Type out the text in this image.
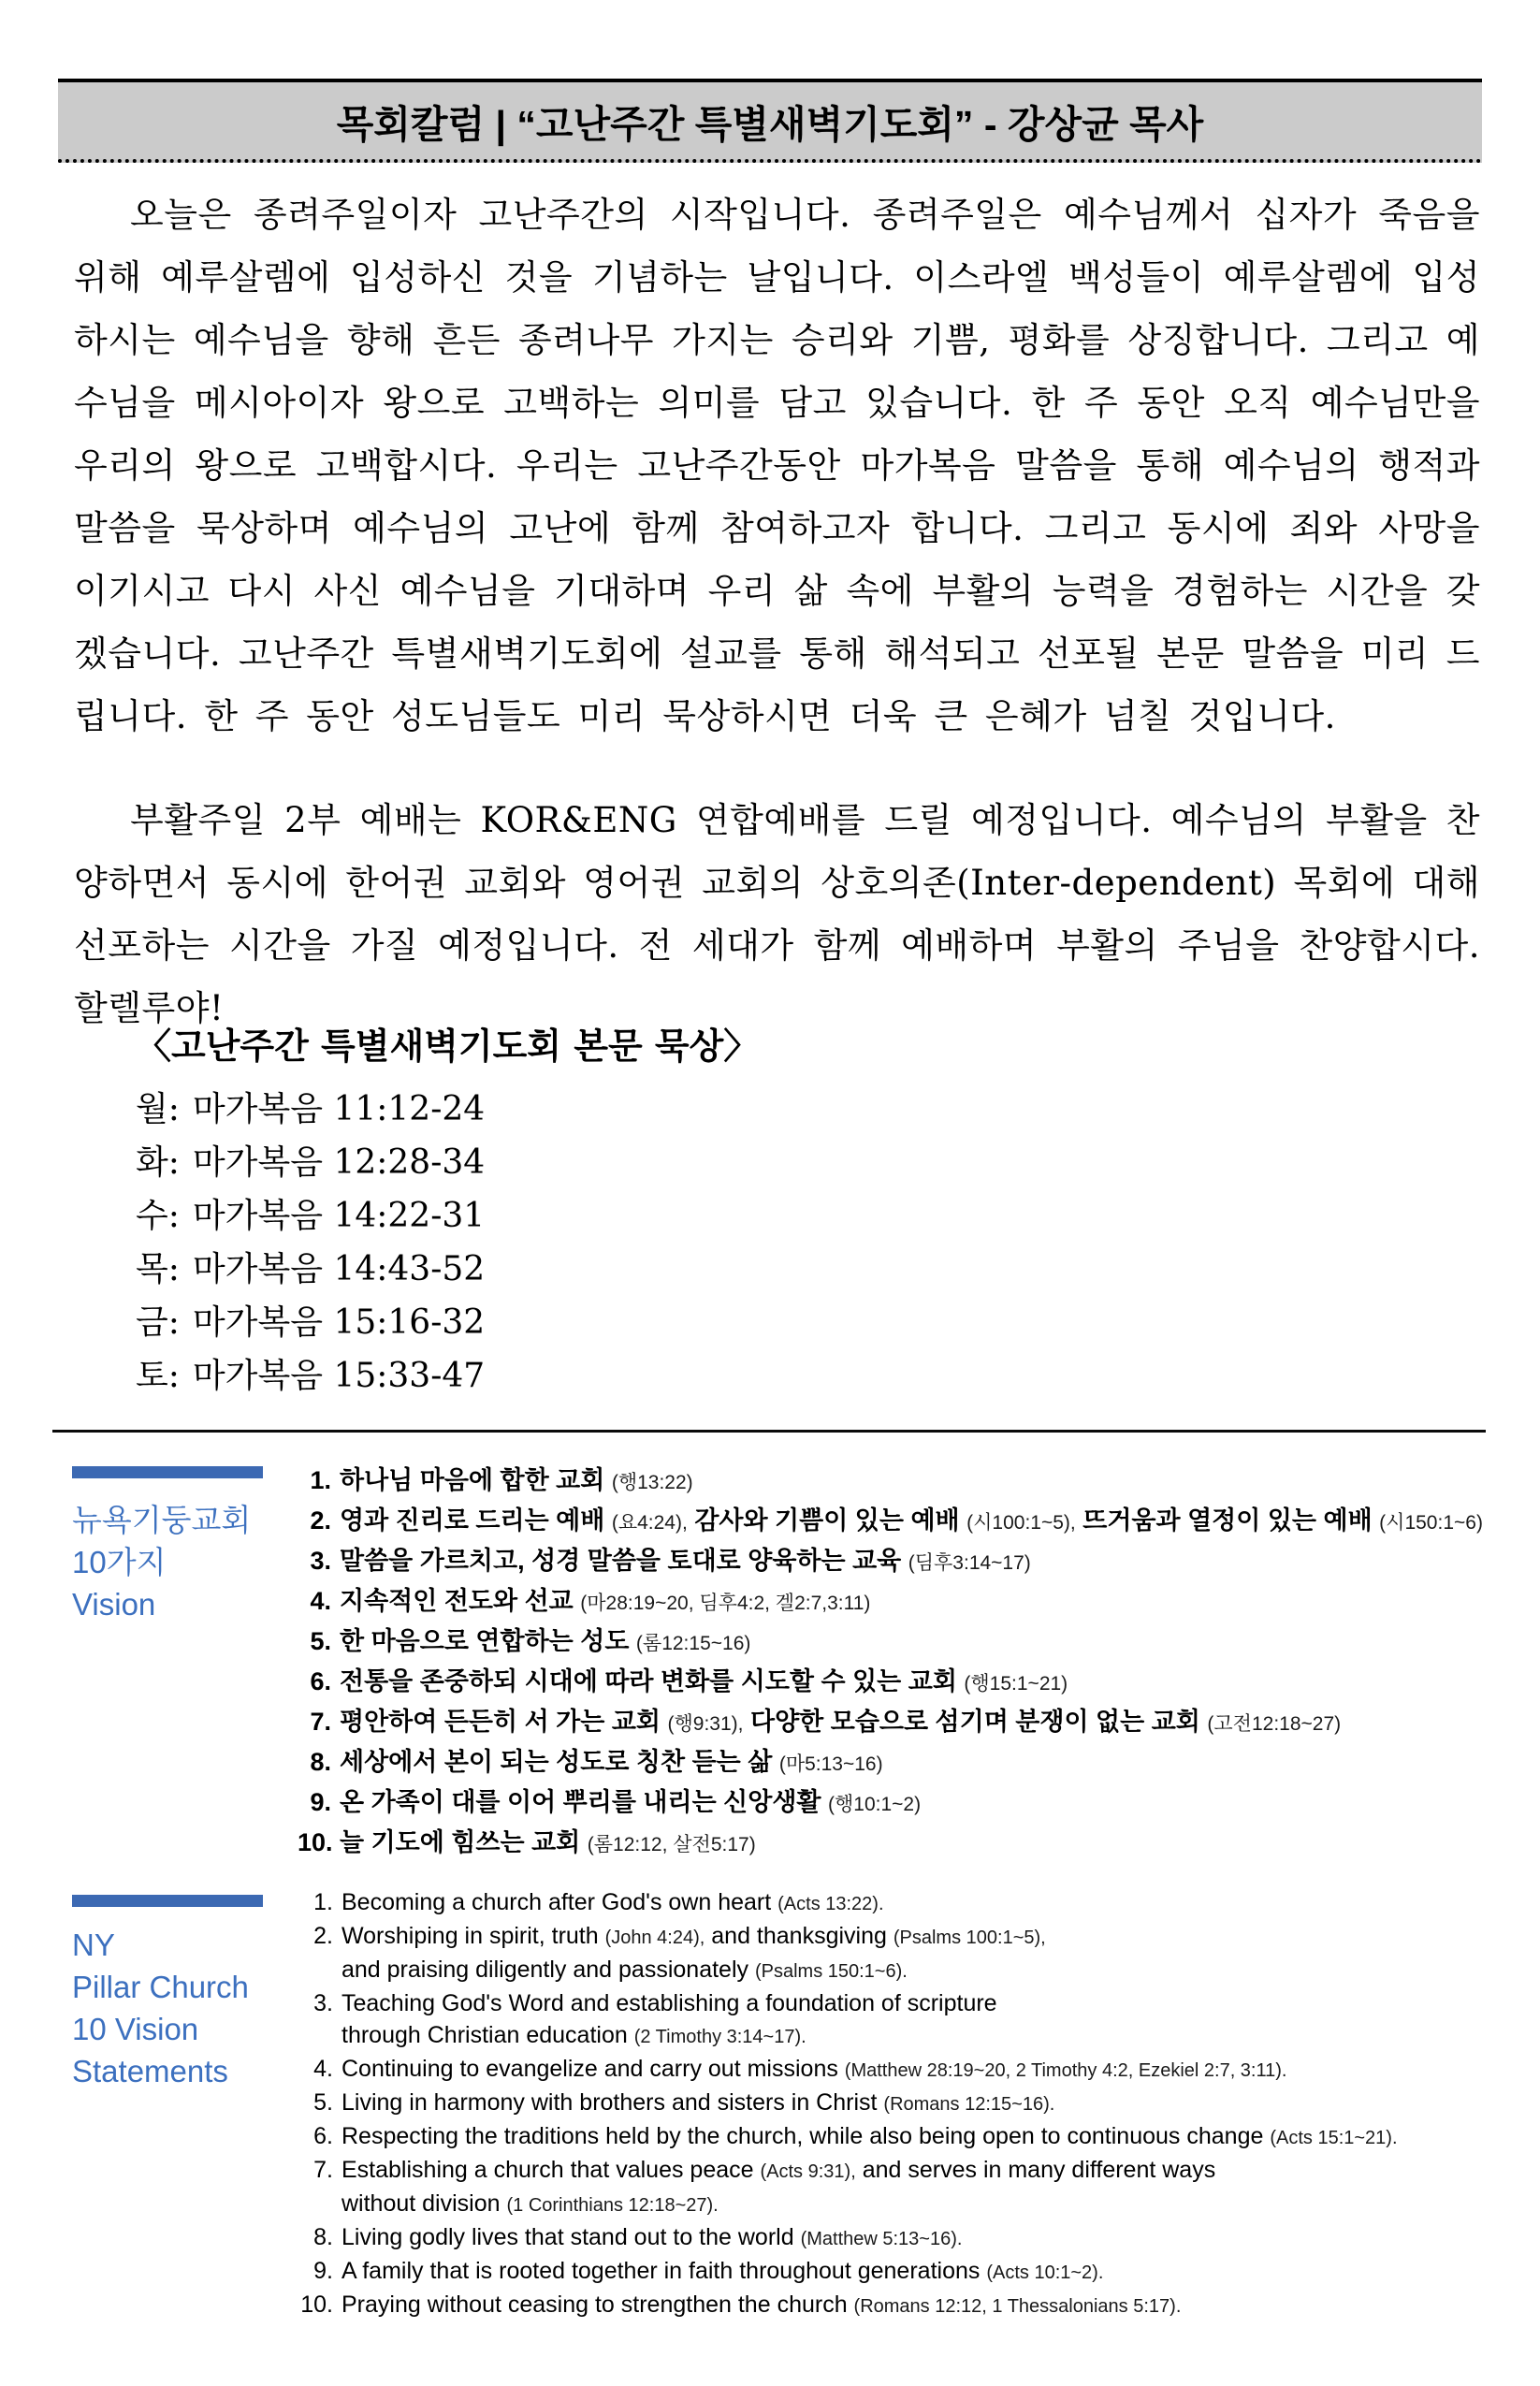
목회칼럼 | “고난주간 특별새벽기도회” - 강상균 목사
오늘은 종려주일이자 고난주간의 시작입니다. 종려주일은 예수님께서 십자가 죽음을 위해 예루살렘에 입성하신 것을 기념하는 날입니다. 이스라엘 백성들이 예루살렘에 입성하시는 예수님을 향해 흔든 종려나무 가지는 승리와 기쁨, 평화를 상징합니다. 그리고 예수님을 메시아이자 왕으로 고백하는 의미를 담고 있습니다. 한 주 동안 오직 예수님만을 우리의 왕으로 고백합시다. 우리는 고난주간동안 마가복음 말씀을 통해 예수님의 행적과 말씀을 묵상하며 예수님의 고난에 함께 참여하고자 합니다. 그리고 동시에 죄와 사망을 이기시고 다시 사신 예수님을 기대하며 우리 삶 속에 부활의 능력을 경험하는 시간을 갖겠습니다. 고난주간 특별새벽기도회에 설교를 통해 해석되고 선포될 본문 말씀을 미리 드립니다. 한 주 동안 성도님들도 미리 묵상하시면 더욱 큰 은혜가 넘칠 것입니다.
부활주일 2부 예배는 KOR&ENG 연합예배를 드릴 예정입니다. 예수님의 부활을 찬양하면서 동시에 한어권 교회와 영어권 교회의 상호의존(Inter-dependent) 목회에 대해 선포하는 시간을 가질 예정입니다. 전 세대가 함께 예배하며 부활의 주님을 찬양합시다. 할렐루야!
〈고난주간 특별새벽기도회 본문 묵상〉
월: 마가복음 11:12-24
화: 마가복음 12:28-34
수: 마가복음 14:22-31
목: 마가복음 14:43-52
금: 마가복음 15:16-32
토: 마가복음 15:33-47
뉴욕기둥교회
10가지
Vision
1. 하나님 마음에 합한 교회 (행13:22)
2. 영과 진리로 드리는 예배 (요4:24), 감사와 기쁨이 있는 예배 (시100:1~5), 뜨거움과 열정이 있는 예배 (시150:1~6)
3. 말씀을 가르치고, 성경 말씀을 토대로 양육하는 교육 (딤후3:14~17)
4. 지속적인 전도와 선교 (마28:19~20, 딤후4:2, 겔2:7,3:11)
5. 한 마음으로 연합하는 성도 (롬12:15~16)
6. 전통을 존중하되 시대에 따라 변화를 시도할 수 있는 교회 (행15:1~21)
7. 평안하여 든든히 서 가는 교회 (행9:31), 다양한 모습으로 섬기며 분쟁이 없는 교회 (고전12:18~27)
8. 세상에서 본이 되는 성도로 칭찬 듣는 삶 (마5:13~16)
9. 온 가족이 대를 이어 뿌리를 내리는 신앙생활 (행10:1~2)
10. 늘 기도에 힘쓰는 교회 (롬12:12, 살전5:17)
NY
Pillar Church
10 Vision
Statements
1. Becoming a church after God's own heart (Acts 13:22).
2. Worshiping in spirit, truth (John 4:24), and thanksgiving (Psalms 100:1~5),
and praising diligently and passionately (Psalms 150:1~6).
3. Teaching God's Word and establishing a foundation of scripture
through Christian education (2 Timothy 3:14~17).
4. Continuing to evangelize and carry out missions (Matthew 28:19~20, 2 Timothy 4:2, Ezekiel 2:7, 3:11).
5. Living in harmony with brothers and sisters in Christ (Romans 12:15~16).
6. Respecting the traditions held by the church, while also being open to continuous change (Acts 15:1~21).
7. Establishing a church that values peace (Acts 9:31), and serves in many different ways
without division (1 Corinthians 12:18~27).
8. Living godly lives that stand out to the world (Matthew 5:13~16).
9. A family that is rooted together in faith throughout generations (Acts 10:1~2).
10. Praying without ceasing to strengthen the church (Romans 12:12, 1 Thessalonians 5:17).
